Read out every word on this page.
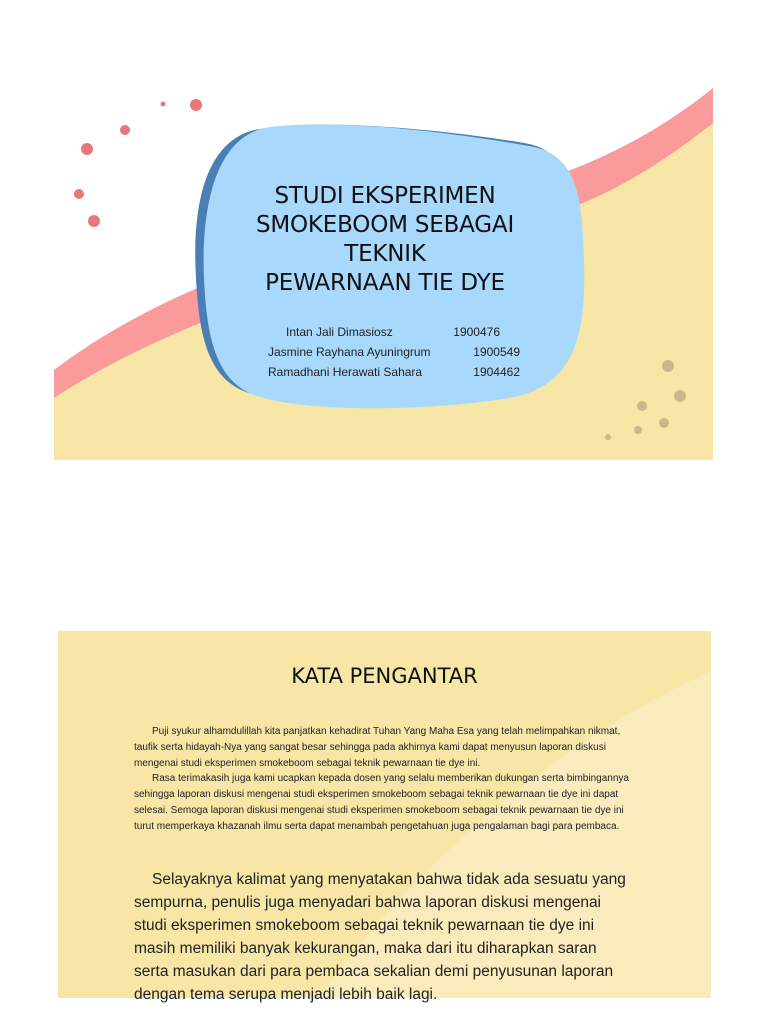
STUDI EKSPERIMEN
SMOKEBOOM SEBAGAI
TEKNIK
PEWARNAAN TIE DYE
Intan Jali Dimasiosz	1900476
Jasmine Rayhana Ayuningrum	1900549
Ramadhani Herawati Sahara	1904462
KATA PENGANTAR

Puji syukur alhamdulillah kita panjatkan kehadirat Tuhan Yang Maha Esa yang telah melimpahkan nikmat, taufik serta hidayah-Nya yang sangat besar sehingga pada akhirnya kami dapat menyusun laporan diskusi mengenai studi eksperimen smokeboom sebagai teknik pewarnaan tie dye ini.

Rasa terimakasih juga kami ucapkan kepada dosen yang selalu memberikan dukungan serta bimbingannya sehingga laporan diskusi mengenai studi eksperimen smokeboom sebagai teknik pewarnaan tie dye ini dapat selesai. Semoga laporan diskusi mengenai studi eksperimen smokeboom sebagai teknik pewarnaan tie dye ini turut memperkaya khazanah ilmu serta dapat menambah pengetahuan juga pengalaman bagi para pembaca.

Selayaknya kalimat yang menyatakan bahwa tidak ada sesuatu yang sempurna, penulis juga menyadari bahwa laporan diskusi mengenai studi eksperimen smokeboom sebagai teknik pewarnaan tie dye ini masih memiliki banyak kekurangan, maka dari itu diharapkan saran serta masukan dari para pembaca sekalian demi penyusunan laporan dengan tema serupa menjadi lebih baik lagi.
